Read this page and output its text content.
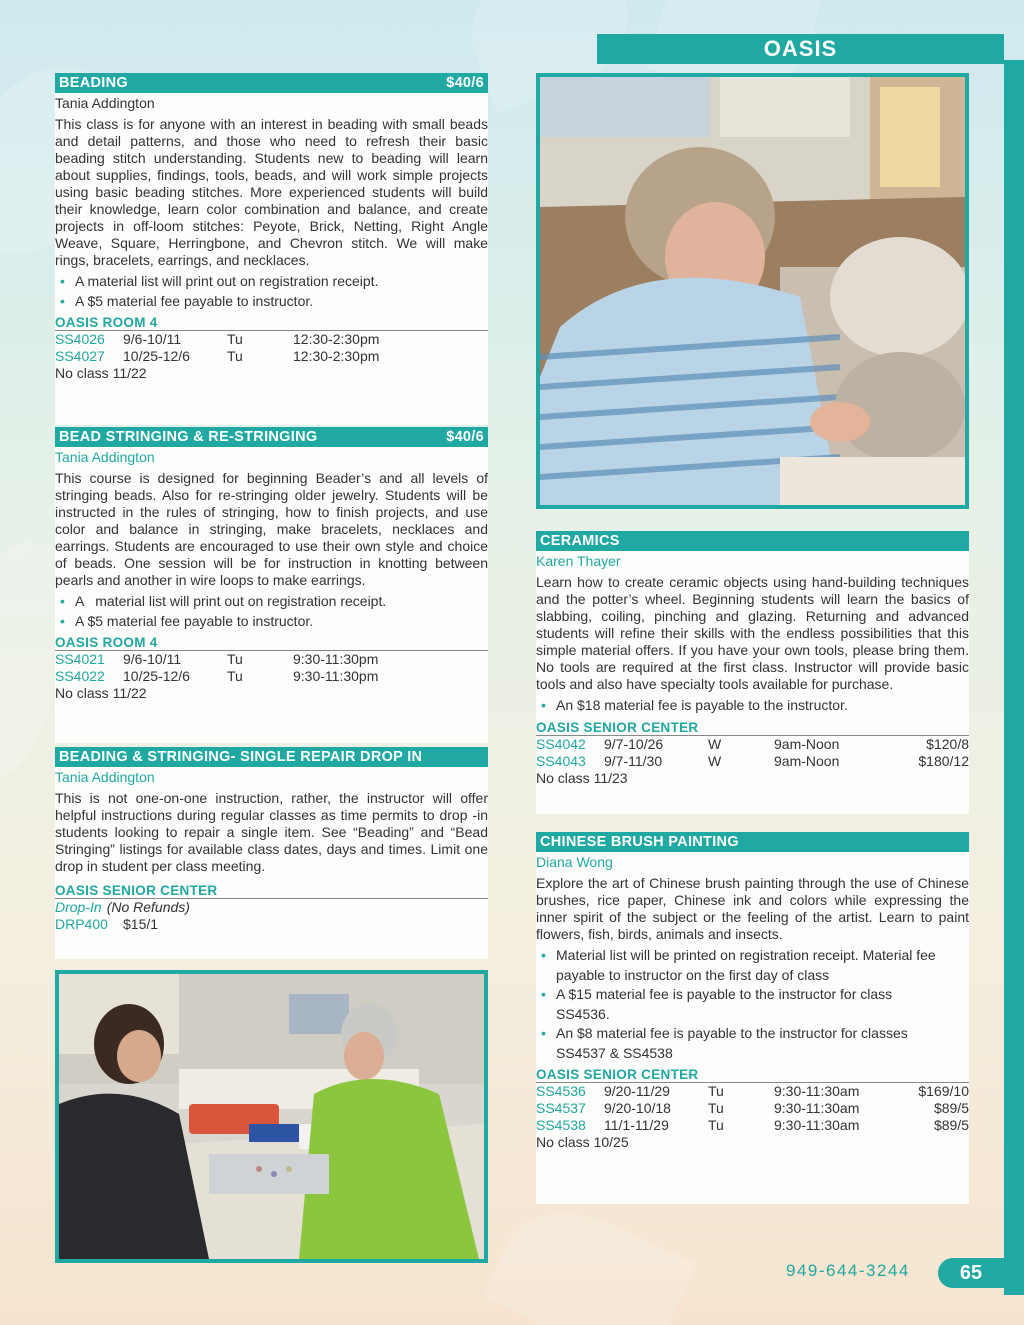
OASIS
BEADING	$40/6
Tania Addington
This class is for anyone with an interest in beading with small beads and detail patterns, and those who need to refresh their basic beading stitch understanding. Students new to beading will learn about supplies, findings, tools, beads, and will work simple projects using basic beading stitches. More experienced students will build their knowledge, learn color combination and balance, and create projects in off-loom stitches: Peyote, Brick, Netting, Right Angle Weave, Square, Herringbone, and Chevron stitch. We will make rings, bracelets, earrings, and necklaces.
• A material list will print out on registration receipt.
• A $5 material fee payable to instructor.
OASIS ROOM 4
SS4026	9/6-10/11	Tu	12:30-2:30pm
SS4027	10/25-12/6	Tu	12:30-2:30pm
No class 11/22
BEAD STRINGING & RE-STRINGING	$40/6
Tania Addington
This course is designed for beginning Beader’s and all levels of stringing beads. Also for re-stringing older jewelry. Students will be instructed in the rules of stringing, how to finish projects, and use color and balance in stringing, make bracelets, necklaces and earrings. Students are encouraged to use their own style and choice of beads. One session will be for instruction in knotting between pearls and another in wire loops to make earrings.
• A   material list will print out on registration receipt.
• A $5 material fee payable to instructor.
OASIS ROOM 4
SS4021	9/6-10/11	Tu	9:30-11:30pm
SS4022	10/25-12/6	Tu	9:30-11:30pm
No class 11/22
BEADING & STRINGING- SINGLE REPAIR DROP IN
Tania Addington
This is not one-on-one instruction, rather, the instructor will offer helpful instructions during regular classes as time permits to drop -in students looking to repair a single item. See “Beading” and “Bead Stringing” listings for available class dates, days and times. Limit one drop in student per class meeting.
OASIS SENIOR CENTER
Drop-In (No Refunds)
DRP400	$15/1
CERAMICS
Karen Thayer
Learn how to create ceramic objects using hand-building techniques and the potter’s wheel. Beginning students will learn the basics of slabbing, coiling, pinching and glazing. Returning and advanced students will refine their skills with the endless possibilities that this simple material offers. If you have your own tools, please bring them. No tools are required at the first class. Instructor will provide basic tools and also have specialty tools available for purchase.
• An $18 material fee is payable to the instructor.
OASIS SENIOR CENTER
SS4042	9/7-10/26	W	9am-Noon	$120/8
SS4043	9/7-11/30	W	9am-Noon	$180/12
No class 11/23
CHINESE BRUSH PAINTING
Diana Wong
Explore the art of Chinese brush painting through the use of Chinese brushes, rice paper, Chinese ink and colors while expressing the inner spirit of the subject or the feeling of the artist. Learn to paint flowers, fish, birds, animals and insects.
• Material list will be printed on registration receipt. Material fee payable to instructor on the first day of class
• A $15 material fee is payable to the instructor for class SS4536.
• An $8 material fee is payable to the instructor for classes SS4537 & SS4538
OASIS SENIOR CENTER
SS4536	9/20-11/29	Tu	9:30-11:30am	$169/10
SS4537	9/20-10/18	Tu	9:30-11:30am	$89/5
SS4538	11/1-11/29	Tu	9:30-11:30am	$89/5
No class 10/25
949-644-3244	65
